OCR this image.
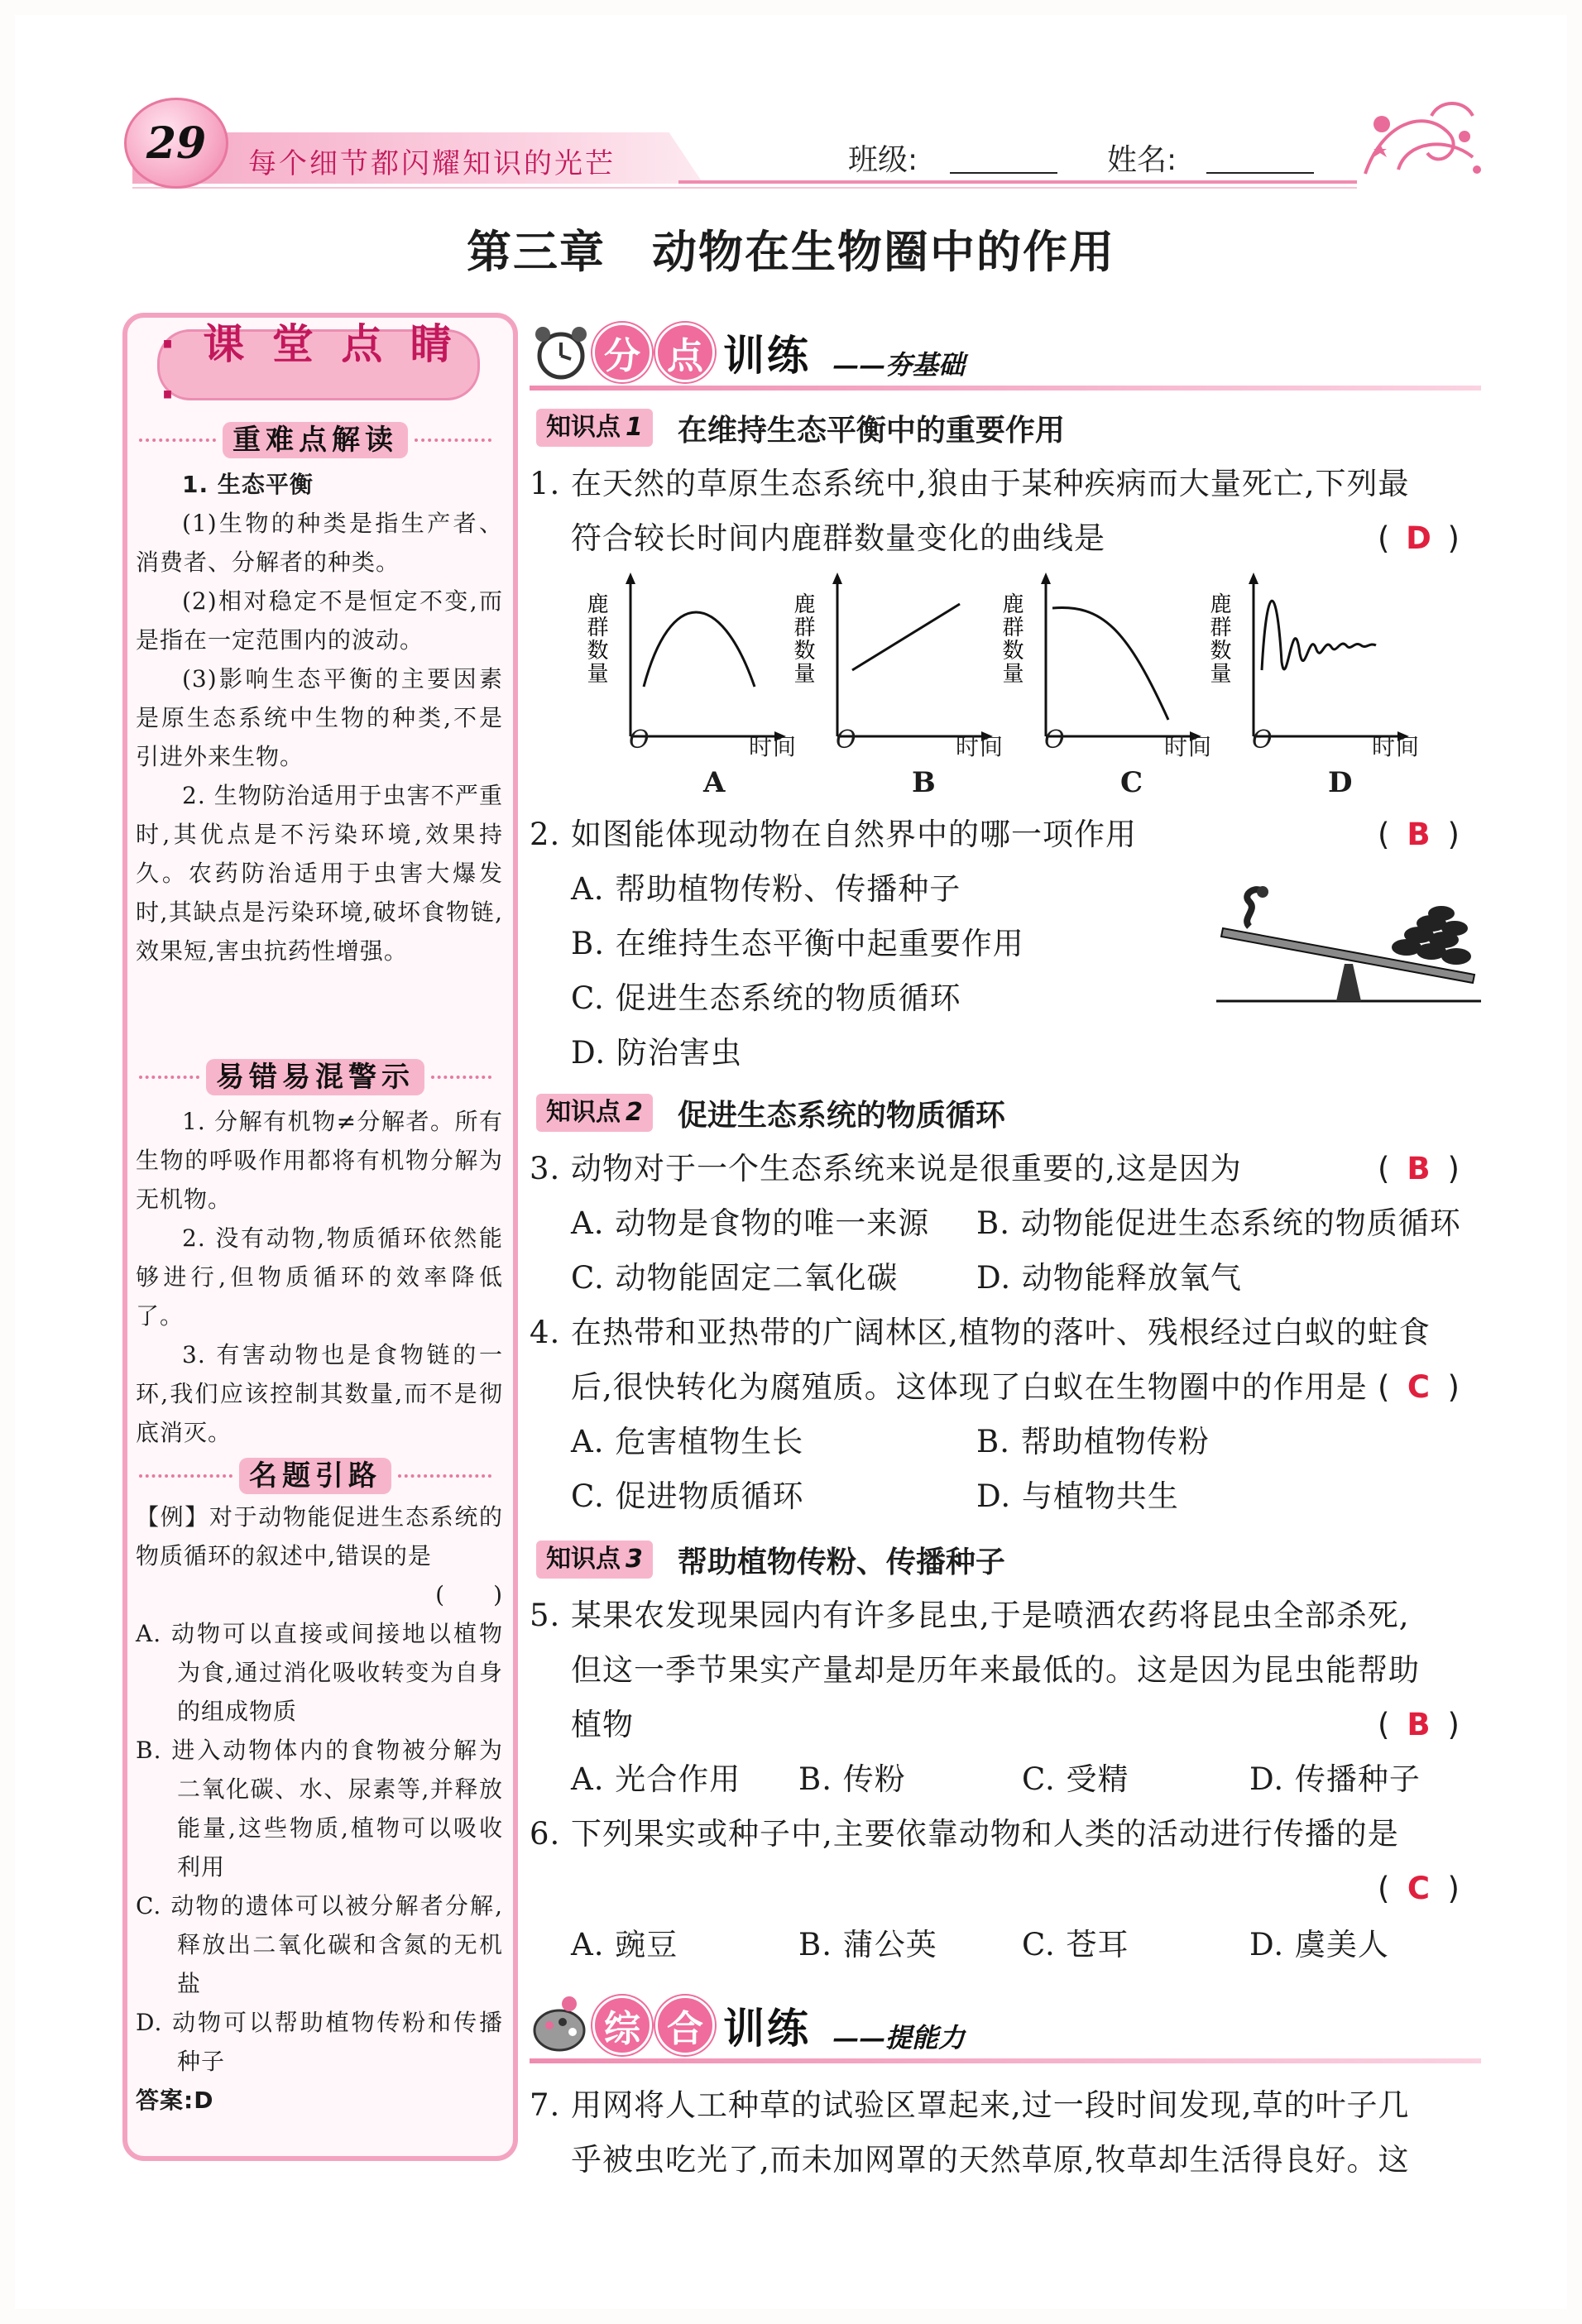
29	每个细节都闪耀知识的光芒	班级:	姓名:
第三章　动物在生物圈中的作用
· 课 堂 点 睛 ·
重难点解读

1. 生态平衡

(1)生物的种类是指生产者、消费者、分解者的种类。

(2)相对稳定不是恒定不变,而是指在一定范围内的波动。

(3)影响生态平衡的主要因素是原生态系统中生物的种类,不是引进外来生物。

2. 生物防治适用于虫害不严重时,其优点是不污染环境,效果持久。农药防治适用于虫害大爆发时,其缺点是污染环境,破坏食物链,效果短,害虫抗药性增强。

易错易混警示

1. 分解有机物≠分解者。所有生物的呼吸作用都将有机物分解为无机物。

2. 没有动物,物质循环依然能够进行,但物质循环的效率降低了。

3. 有害动物也是食物链的一环,我们应该控制其数量,而不是彻底消灭。

名题引路

【例】对于动物能促进生态系统的物质循环的叙述中,错误的是

(　　)

A. 动物可以直接或间接地以植物为食,通过消化吸收转变为自身的组成物质

B. 进入动物体内的食物被分解为二氧化碳、水、尿素等,并释放能量,这些物质,植物可以吸收利用

C. 动物的遗体可以被分解者分解,释放出二氧化碳和含氮的无机盐

D. 动物可以帮助植物传粉和传播种子

答案:D

分 点 训练 ——夯基础
知识点 1	在维持生态平衡中的重要作用
1. 在天然的草原生态系统中,狼由于某种疾病而大量死亡,下列最
符合较长时间内鹿群数量变化的曲线是	( D )
鹿群数量	鹿群数量	鹿群数量	鹿群数量
O	时间 O	时间 O	时间 O	时间
A	B	C	D
2. 如图能体现动物在自然界中的哪一项作用
A. 帮助植物传粉、传播种子
B. 在维持生态平衡中起重要作用
C. 促进生态系统的物质循环
D. 防治害虫
( B )
知识点 2	促进生态系统的物质循环
3. 动物对于一个生态系统来说是很重要的,这是因为	( B )
A. 动物是食物的唯一来源 B. 动物能促进生态系统的物质循环
C. 动物能固定二氧化碳	D. 动物能释放氧气
4. 在热带和亚热带的广阔林区,植物的落叶、残根经过白蚁的蛀食
后,很快转化为腐殖质。这体现了白蚁在生物圈中的作用是 ( C )
A. 危害植物生长	B. 帮助植物传粉
C. 促进物质循环	D. 与植物共生
知识点 3	帮助植物传粉、传播种子
5. 某果农发现果园内有许多昆虫,于是喷洒农药将昆虫全部杀死,
但这一季节果实产量却是历年来最低的。这是因为昆虫能帮助
植物	( B )
A. 光合作用 B. 传粉	C. 受精	D. 传播种子
6. 下列果实或种子中,主要依靠动物和人类的活动进行传播的是
( C )
A. 豌豆	B. 蒲公英	C. 苍耳	D. 虞美人
综 合 训练 ——提能力
7. 用网将人工种草的试验区罩起来,过一段时间发现,草的叶子几
乎被虫吃光了,而未加网罩的天然草原,牧草却生活得良好。这
